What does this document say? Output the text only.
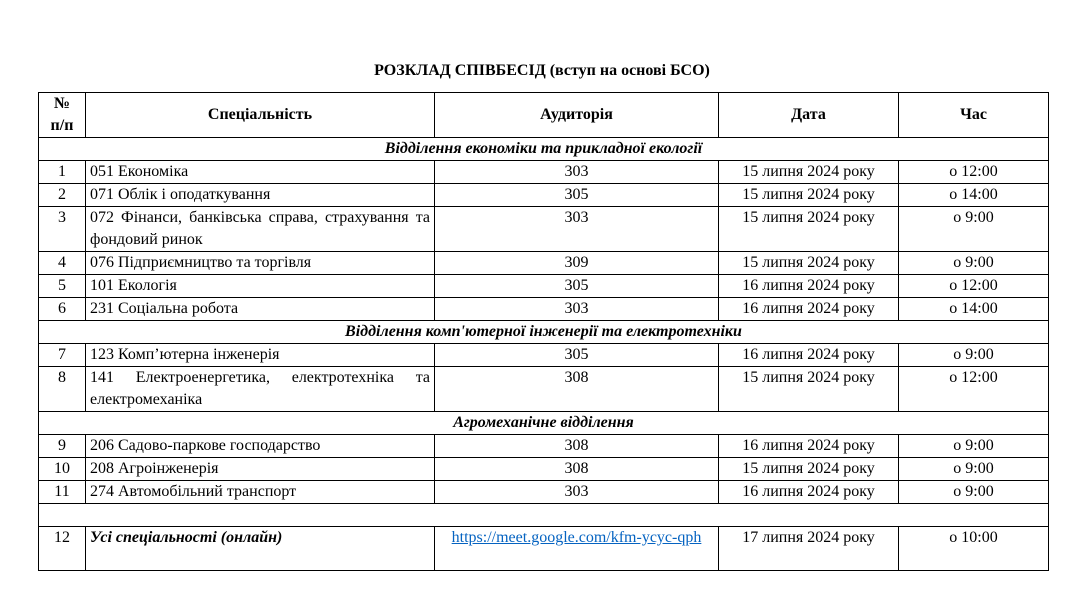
РОЗКЛАД СПІВБЕСІД (вступ на основі БСО)
№
п/п	Спеціальність	Аудиторія	Дата	Час
Відділення економіки та прикладної екології				
1	051 Економіка	303	15 липня 2024 року	о 12:00
2	071 Облік і оподаткування	305	15 липня 2024 року	о 14:00
3	072 Фінанси, банківська справа, страхування та фондовий ринок	303	15 липня 2024 року	о 9:00
4	076 Підприємництво та торгівля	309	15 липня 2024 року	о 9:00
5	101 Екологія	305	16 липня 2024 року	о 12:00
6	231 Соціальна робота	303	16 липня 2024 року	о 14:00
Відділення комп'ютерної інженерії та електротехніки				
7	123 Комп’ютерна інженерія	305	16 липня 2024 року	о 9:00
8	141 Електроенергетика, електротехніка та електромеханіка	308	15 липня 2024 року	о 12:00
Агромеханічне відділення				
9	206 Садово-паркове господарство	308	16 липня 2024 року	о 9:00
10	208 Агроінженерія	308	15 липня 2024 року	о 9:00
11	274 Автомобільний транспорт	303	16 липня 2024 року	о 9:00

12	Усі спеціальності (онлайн)	https://meet.google.com/kfm-ycyc-qph	17 липня 2024 року	о 10:00
